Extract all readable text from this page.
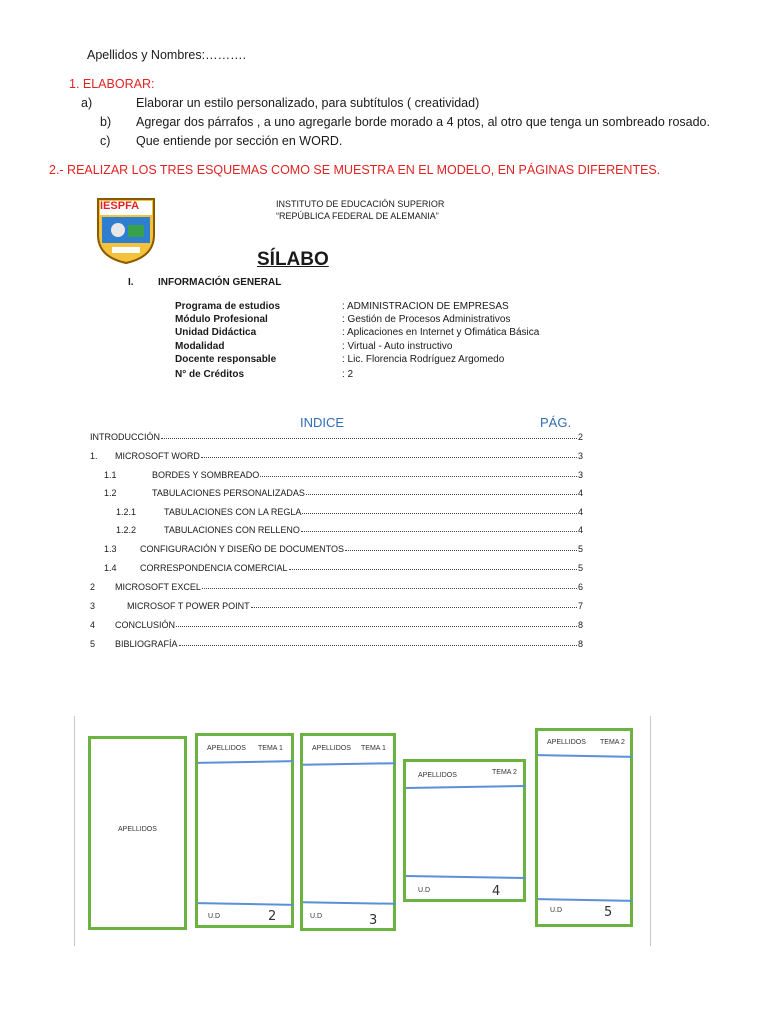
Apellidos y Nombres:……….
1. ELABORAR:
a)	Elaborar un estilo personalizado, para subtítulos ( creatividad)
b) Agregar dos párrafos , a uno agregarle borde morado a 4 ptos, al otro que tenga un sombreado rosado.
c) Que entiende por sección en WORD.
2.- REALIZAR LOS TRES ESQUEMAS COMO SE MUESTRA EN EL MODELO, EN PÁGINAS DIFERENTES.
IESPFA	INSTITUTO DE EDUCACIÓN SUPERIOR
“REPÚBLICA FEDERAL DE ALEMANIA”
SÍLABO
I. INFORMACIÓN GENERAL
Programa de estudios	: ADMINISTRACION DE EMPRESAS
Módulo Profesional	: Gestión de Procesos Administrativos
Unidad Didáctica	: Aplicaciones en Internet y Ofimática Básica
Modalidad	: Virtual - Auto instructivo
Docente responsable	: Lic. Florencia Rodríguez Argomedo
N° de Créditos	: 2
INDICE	PÁG.
INTRODUCCIÓN	2
1.	MICROSOFT WORD	3
1.1	BORDES Y SOMBREADO	3
1.2	TABULACIONES PERSONALIZADAS	4
1.2.1	TABULACIONES CON LA REGLA	4
1.2.2	TABULACIONES CON RELLENO	4
1.3	CONFIGURACIÓN Y DISEÑO DE DOCUMENTOS	5
1.4	CORRESPONDENCIA COMERCIAL	5
2	MICROSOFT EXCEL	6
3	MICROSOF T POWER POINT	7
4	CONCLUSIÓN	8
5	BIBLIOGRAFÍA	8
APELLIDOS
APELLIDOS TEMA 1
U.D	2
APELLIDOS TEMA 1
U.D	3
APELLIDOS	TEMA 2
U.D	4
APELLIDOS TEMA 2
U.D	5
